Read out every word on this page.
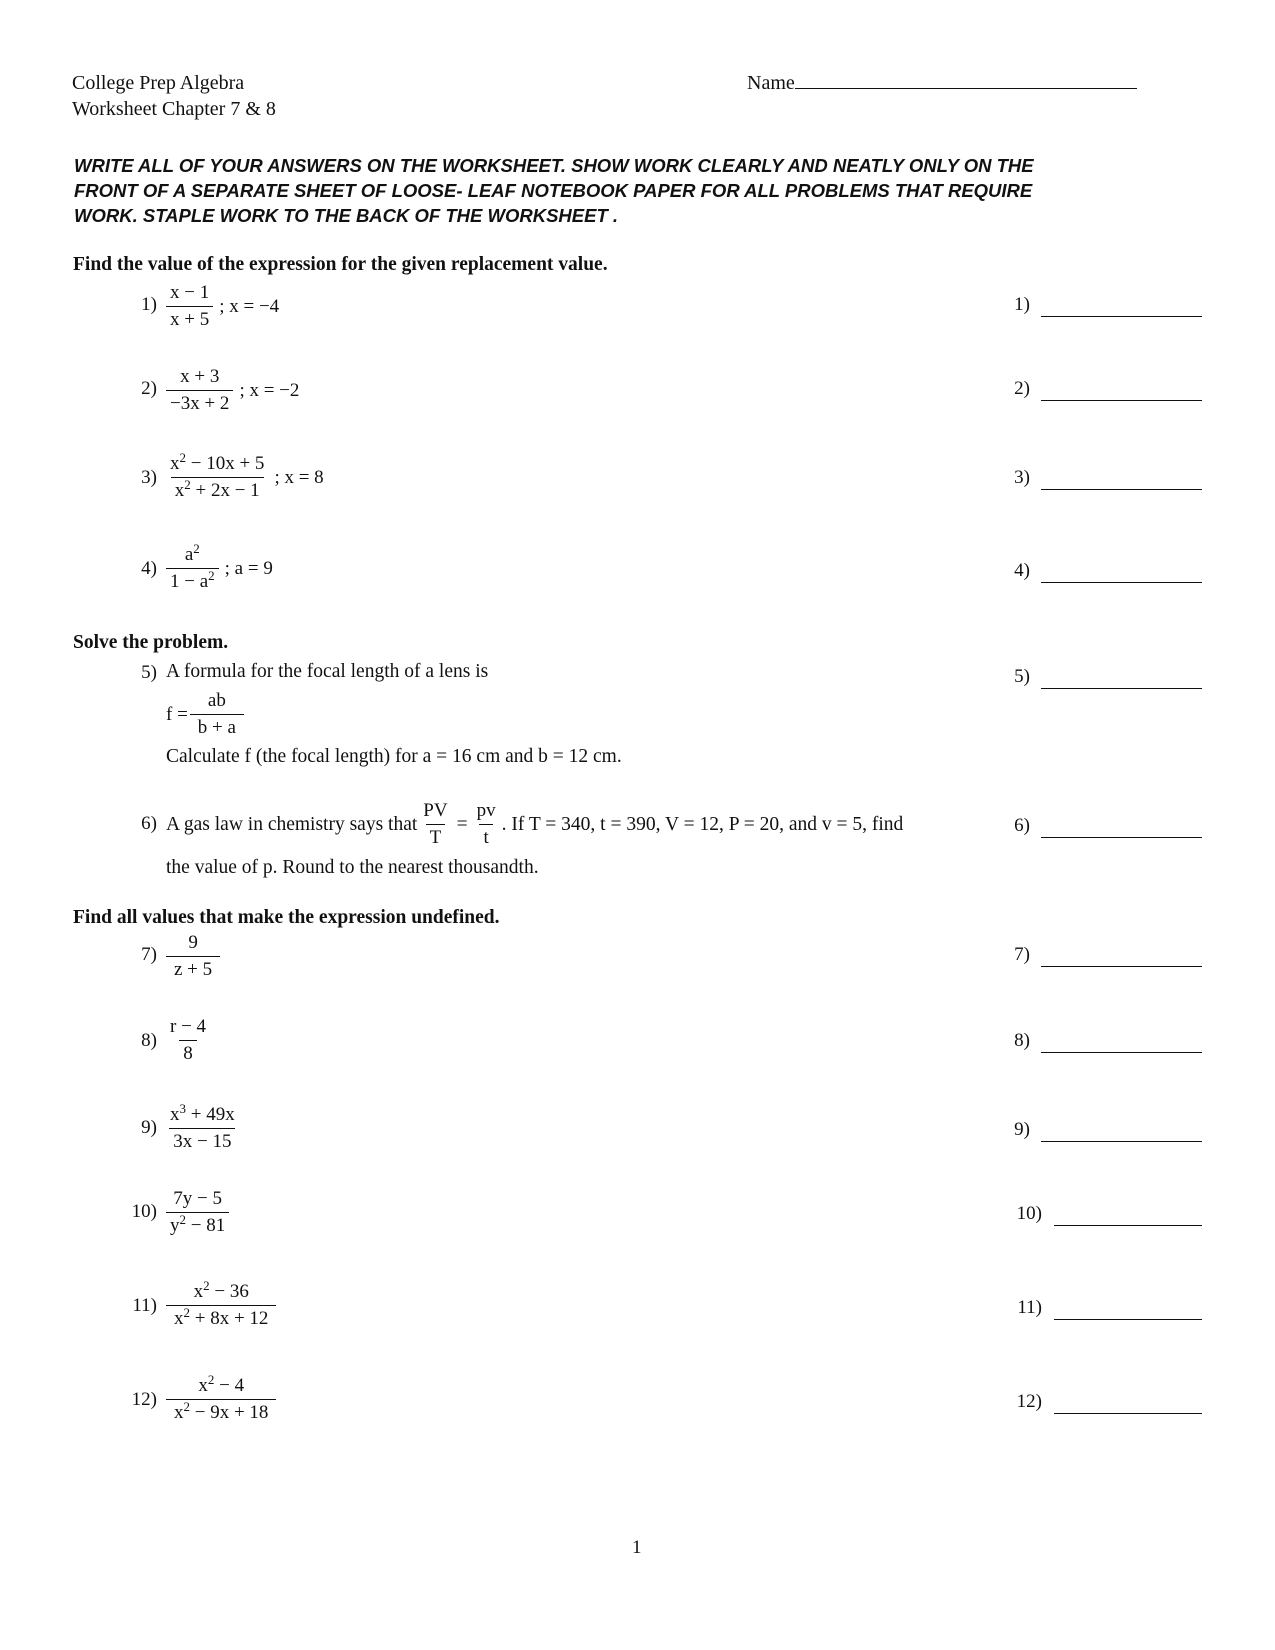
College Prep Algebra
Worksheet Chapter 7 & 8
Name
WRITE ALL OF YOUR ANSWERS ON THE WORKSHEET. SHOW WORK CLEARLY AND NEATLY ONLY ON THE
FRONT OF A SEPARATE SHEET OF LOOSE- LEAF NOTEBOOK PAPER FOR ALL PROBLEMS THAT REQUIRE
WORK. STAPLE WORK TO THE BACK OF THE WORKSHEET .
Find the value of the expression for the given replacement value.
$1) \frac{x - 1}{x + 5}$ ; x = −4
$2) \frac{x + 3}{-3x + 2}$ ; x = −2
$3) \frac{x^2 - 10x + 5}{x^2 + 2x - 1}$ ; x = 8
$4) \frac{a^2}{1 - a^2}$ ; a = 9
Solve the problem.
5) A formula for the focal length of a lens is
$f = \frac{ab}{b + a}$
Calculate f (the focal length) for a = 16 cm and b = 12 cm.
6) A gas law in chemistry says that $\frac{PV}{T} = \frac{pv}{t}$ . If T = 340, t = 390, V = 12, P = 20, and v = 5, find
the value of p. Round to the nearest thousandth.
Find all values that make the expression undefined.
$7) \frac{9}{z + 5}$
$8) \frac{r - 4}{8}$
$9) \frac{x^3 + 49x}{3x - 15}$
$10) \frac{7y - 5}{y^2 - 81}$
$11) \frac{x^2 - 36}{x^2 + 8x + 12}$
$12) \frac{x^2 - 4}{x^2 - 9x + 18}$
1)
2)
3)
4)
5)
6)
7)
8)
9)
10)
11)
12)
1
